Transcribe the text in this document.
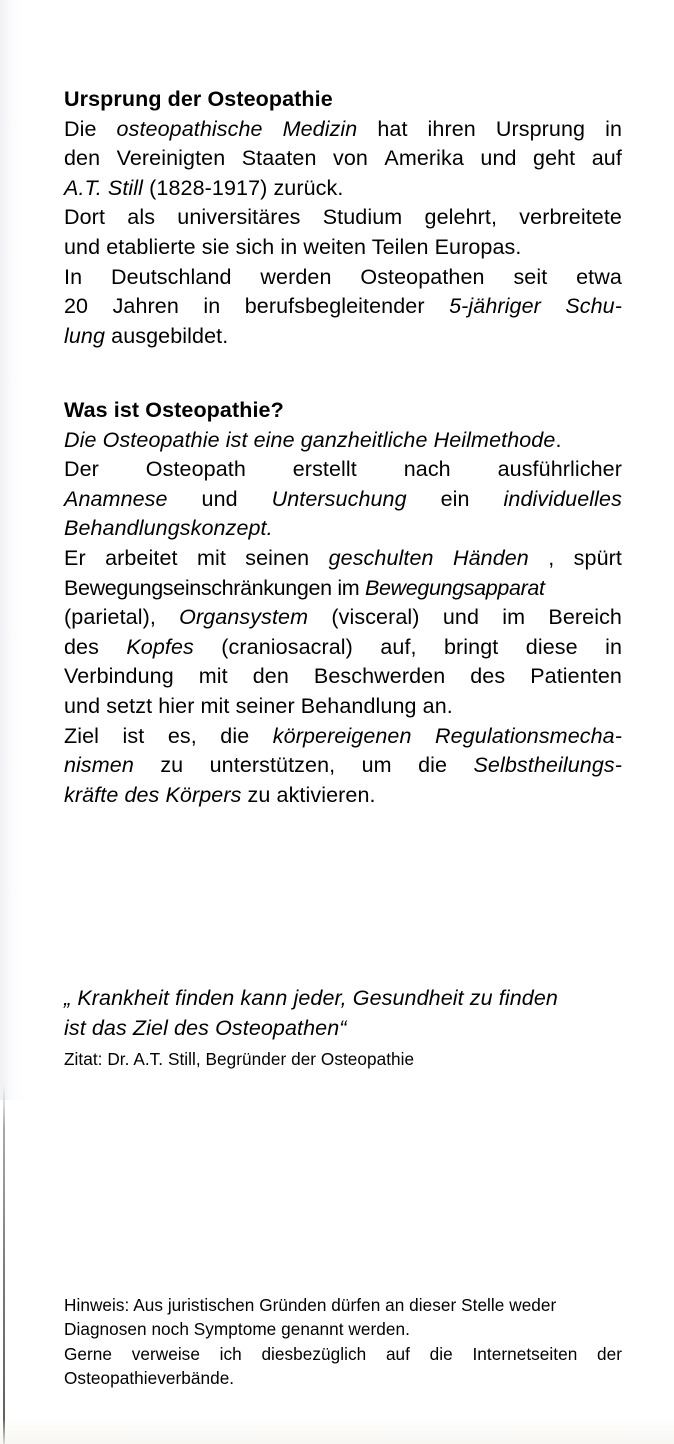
Ursprung der Osteopathie
Die osteopathische Medizin hat ihren Ursprung in
den Vereinigten Staaten von Amerika und geht auf
A.T. Still (1828-1917) zurück.
Dort als universitäres Studium gelehrt, verbreitete
und etablierte sie sich in weiten Teilen Europas.
In Deutschland werden Osteopathen seit etwa
20 Jahren in berufsbegleitender 5-jähriger Schu-
lung ausgebildet.
Was ist Osteopathie?
Die Osteopathie ist eine ganzheitliche Heilmethode.
Der Osteopath erstellt nach ausführlicher
Anamnese und Untersuchung ein individuelles
Behandlungskonzept.
Er arbeitet mit seinen geschulten Händen , spürt
Bewegungseinschränkungen im Bewegungsapparat
(parietal), Organsystem (visceral) und im Bereich
des Kopfes (craniosacral) auf, bringt diese in
Verbindung mit den Beschwerden des Patienten
und setzt hier mit seiner Behandlung an.
Ziel ist es, die körpereigenen Regulationsmecha-
nismen zu unterstützen, um die Selbstheilungs-
kräfte des Körpers zu aktivieren.
„ Krankheit finden kann jeder, Gesundheit zu finden
ist das Ziel des Osteopathen“
Zitat: Dr. A.T. Still, Begründer der Osteopathie
Hinweis: Aus juristischen Gründen dürfen an dieser Stelle weder
Diagnosen noch Symptome genannt werden.
Gerne verweise ich diesbezüglich auf die Internetseiten der
Osteopathieverbände.
